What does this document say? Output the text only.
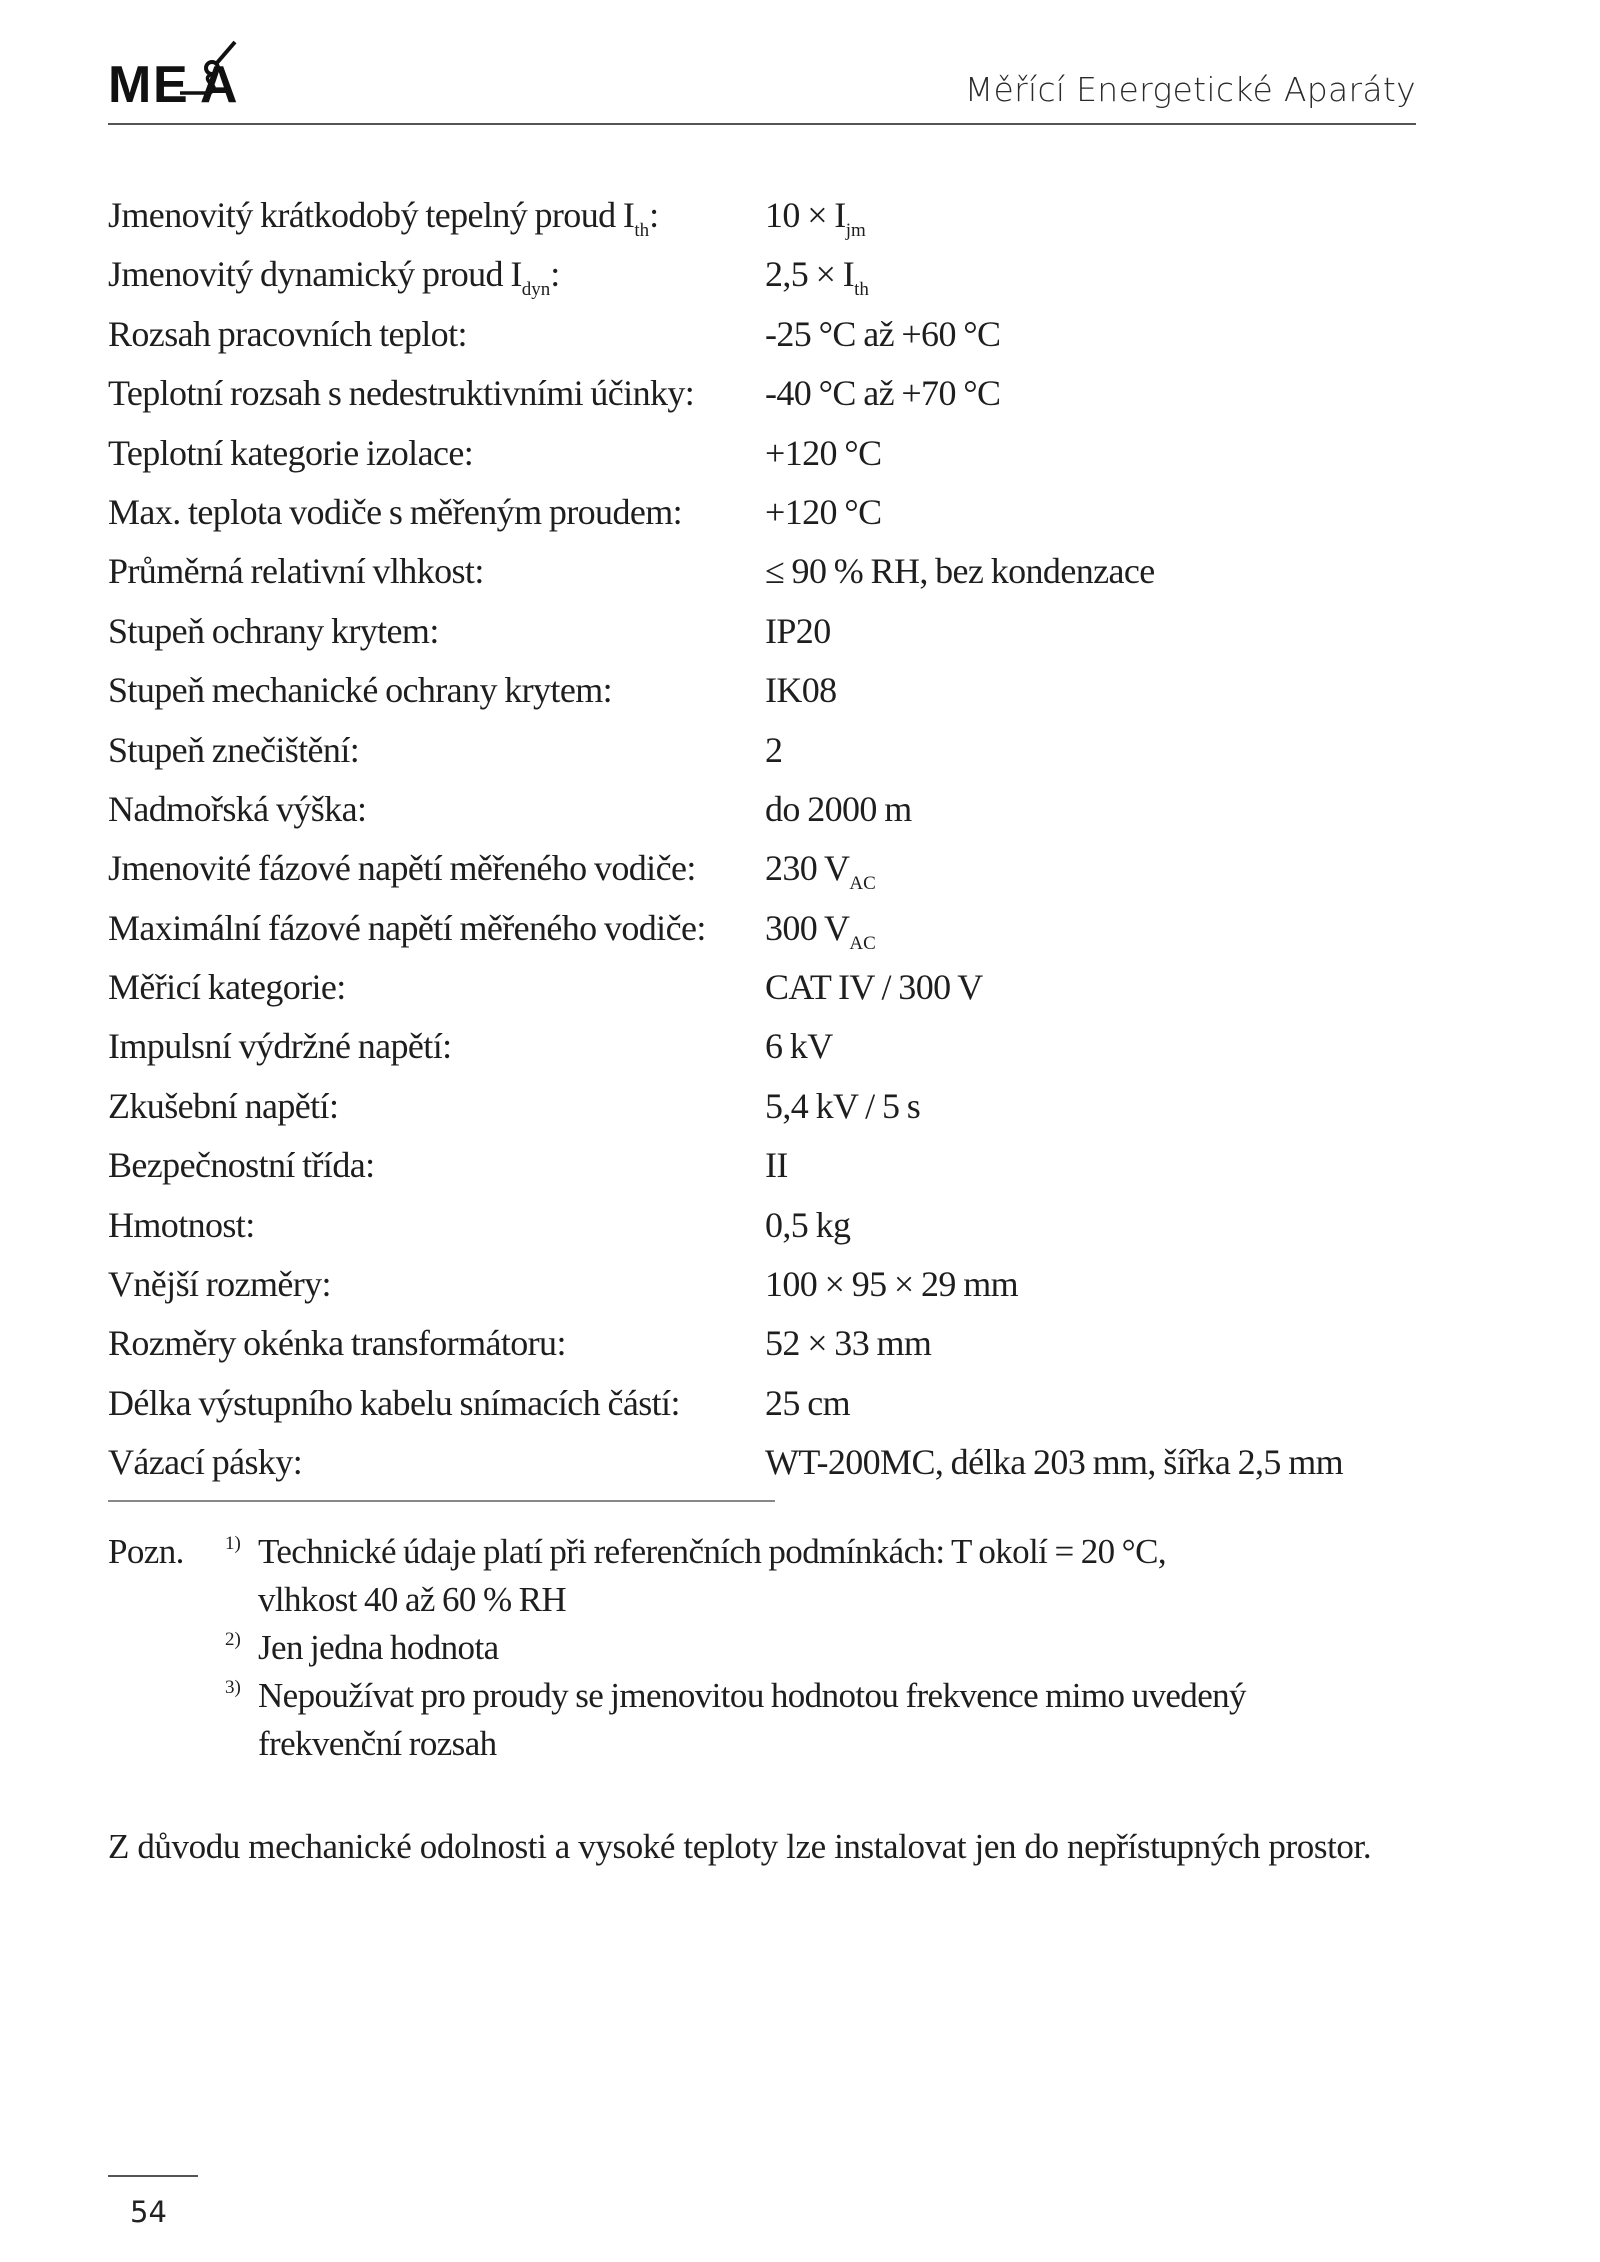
M E A	Měřící Energetické Aparáty
Jmenovitý krátkodobý tepelný proud $I_{th}$:	$10 \times I_{jm}$
Jmenovitý dynamický proud $I_{dyn}$:	$2,5 \times I_{th}$
Rozsah pracovních teplot:	-25 °C až +60 °C
Teplotní rozsah s nedestruktivními účinky:	-40 °C až +70 °C
Teplotní kategorie izolace:	+120 °C
Max. teplota vodiče s měřeným proudem:	+120 °C
Průměrná relativní vlhkost:	≤ 90 % RH, bez kondenzace
Stupeň ochrany krytem:	IP20
Stupeň mechanické ochrany krytem:	IK08
Stupeň znečištění:	2
Nadmořská výška:	do 2000 m
Jmenovité fázové napětí měřeného vodiče:	230 $V_{AC}$
Maximální fázové napětí měřeného vodiče:	300 $V_{AC}$
Měřicí kategorie:	CAT IV / 300 V
Impulsní výdržné napětí:	6 kV
Zkušební napětí:	5,4 kV / 5 s
Bezpečnostní třída:	II
Hmotnost:	0,5 kg
Vnější rozměry:	100 × 95 × 29 mm
Rozměry okénka transformátoru:	52 × 33 mm
Délka výstupního kabelu snímacích částí:	25 cm
Vázací pásky:	WT-200MC, délka 203 mm, šířka 2,5 mm
Pozn. 1) Technické údaje platí při referenčních podmínkách: T okolí = 20 °C,
vlhkost 40 až 60 % RH
2) Jen jedna hodnota
3) Nepoužívat pro proudy se jmenovitou hodnotou frekvence mimo uvedený
frekvenční rozsah

Z důvodu mechanické odolnosti a vysoké teploty lze instalovat jen do nepřístupných prostor.

54
